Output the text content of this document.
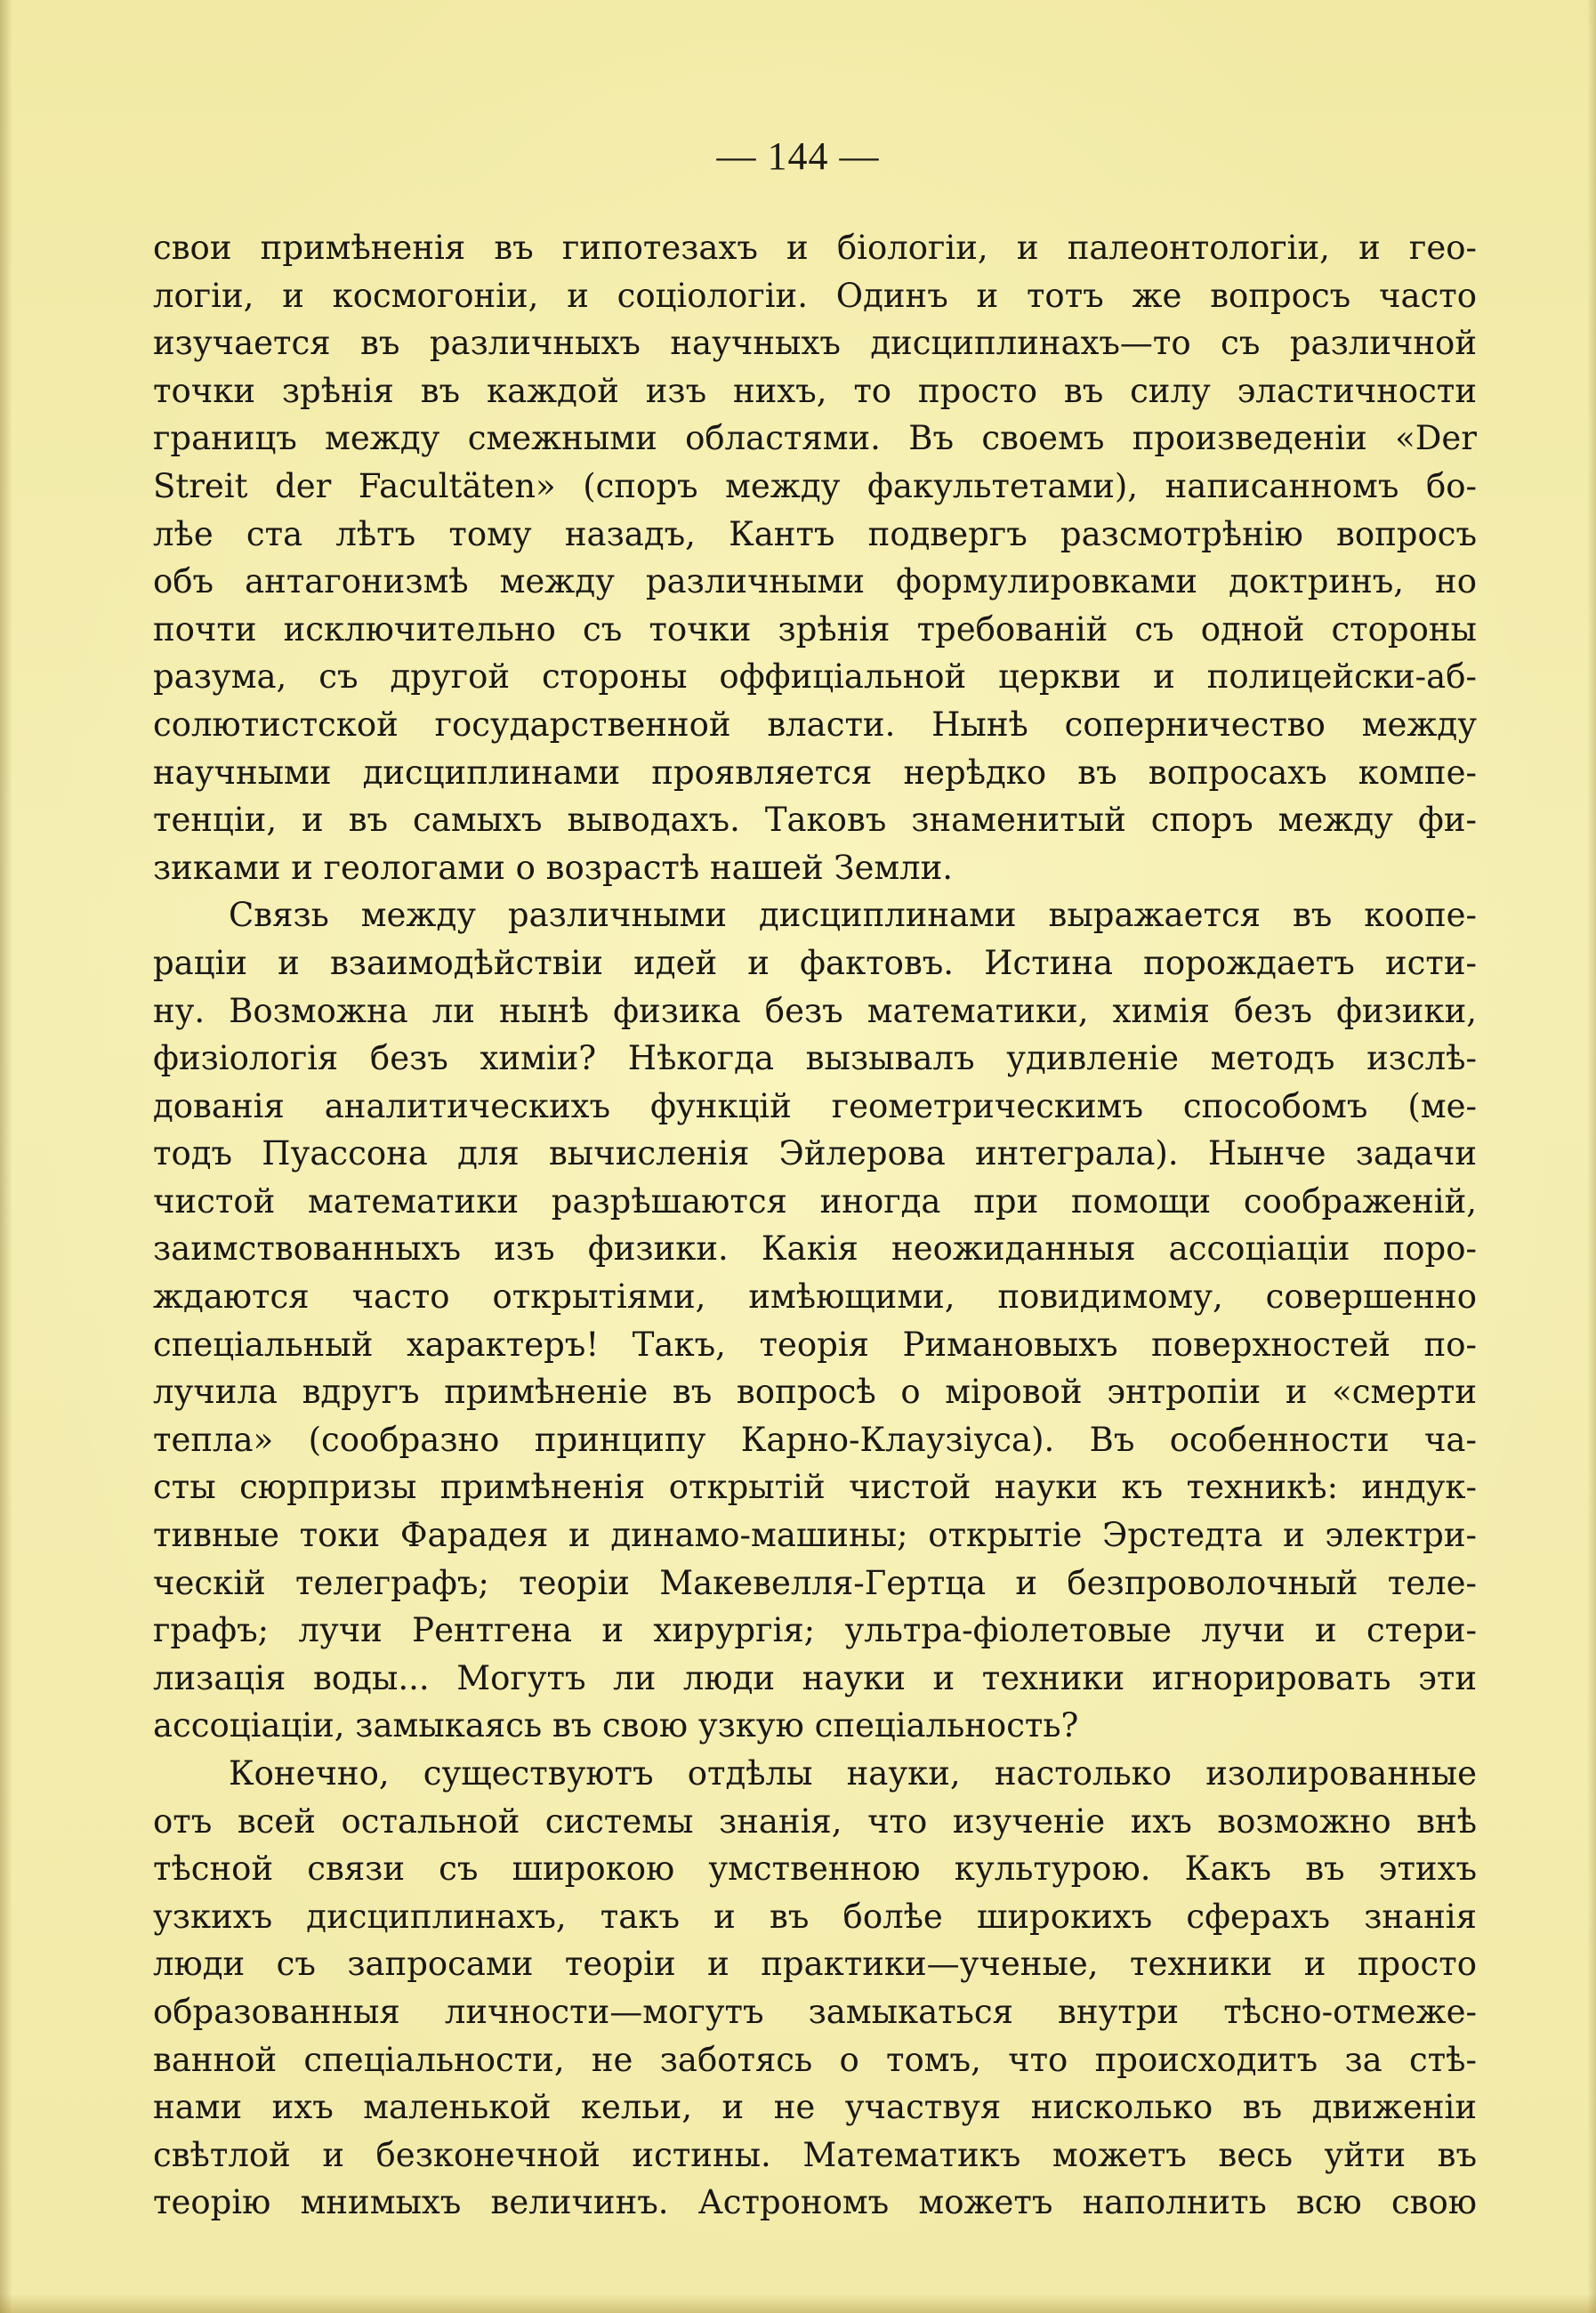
— 144 —
свои примѣненія въ гипотезахъ и біологіи, и палеонтологіи, и гео-
логіи, и космогоніи, и соціологіи. Одинъ и тотъ же вопросъ часто
изучается въ различныхъ научныхъ дисциплинахъ—то съ различной
точки зрѣнія въ каждой изъ нихъ, то просто въ силу эластичности
границъ между смежными областями. Въ своемъ произведеніи «Der
Streit der Facultäten» (споръ между факультетами), написанномъ бо-
лѣе ста лѣтъ тому назадъ, Кантъ подвергъ разсмотрѣнію вопросъ
объ антагонизмѣ между различными формулировками доктринъ, но
почти исключительно съ точки зрѣнія требованій съ одной стороны
разума, съ другой стороны оффиціальной церкви и полицейски-аб-
солютистской государственной власти. Нынѣ соперничество между
научными дисциплинами проявляется нерѣдко въ вопросахъ компе-
тенціи, и въ самыхъ выводахъ. Таковъ знаменитый споръ между фи-
зиками и геологами о возрастѣ нашей Земли.
Связь между различными дисциплинами выражается въ коопе-
раціи и взаимодѣйствіи идей и фактовъ. Истина порождаетъ исти-
ну. Возможна ли нынѣ физика безъ математики, химія безъ физики,
физіологія безъ химіи? Нѣкогда вызывалъ удивленіе методъ изслѣ-
дованія аналитическихъ функцій геометрическимъ способомъ (ме-
тодъ Пуассона для вычисленія Эйлерова интеграла). Нынче задачи
чистой математики разрѣшаются иногда при помощи соображеній,
заимствованныхъ изъ физики. Какія неожиданныя ассоціаціи поро-
ждаются часто открытіями, имѣющими, повидимому, совершенно
спеціальный характеръ! Такъ, теорія Римановыхъ поверхностей по-
лучила вдругъ примѣненіе въ вопросѣ о міровой энтропіи и «смерти
тепла» (сообразно принципу Карно-Клаузіуса). Въ особенности ча-
сты сюрпризы примѣненія открытій чистой науки къ техникѣ: индук-
тивные токи Фарадея и динамо-машины; открытіе Эрстедта и электри-
ческій телеграфъ; теоріи Макевелля-Гертца и безпроволочный теле-
графъ; лучи Рентгена и хирургія; ультра-фіолетовые лучи и стери-
лизація воды... Могутъ ли люди науки и техники игнорировать эти
ассоціаціи, замыкаясь въ свою узкую спеціальность?
Конечно, существуютъ отдѣлы науки, настолько изолированные
отъ всей остальной системы знанія, что изученіе ихъ возможно внѣ
тѣсной связи съ широкою умственною культурою. Какъ въ этихъ
узкихъ дисциплинахъ, такъ и въ болѣе широкихъ сферахъ знанія
люди съ запросами теоріи и практики—ученые, техники и просто
образованныя личности—могутъ замыкаться внутри тѣсно-отмеже-
ванной спеціальности, не заботясь о томъ, что происходитъ за стѣ-
нами ихъ маленькой кельи, и не участвуя нисколько въ движеніи
свѣтлой и безконечной истины. Математикъ можетъ весь уйти въ
теорію мнимыхъ величинъ. Астрономъ можетъ наполнить всю свою
